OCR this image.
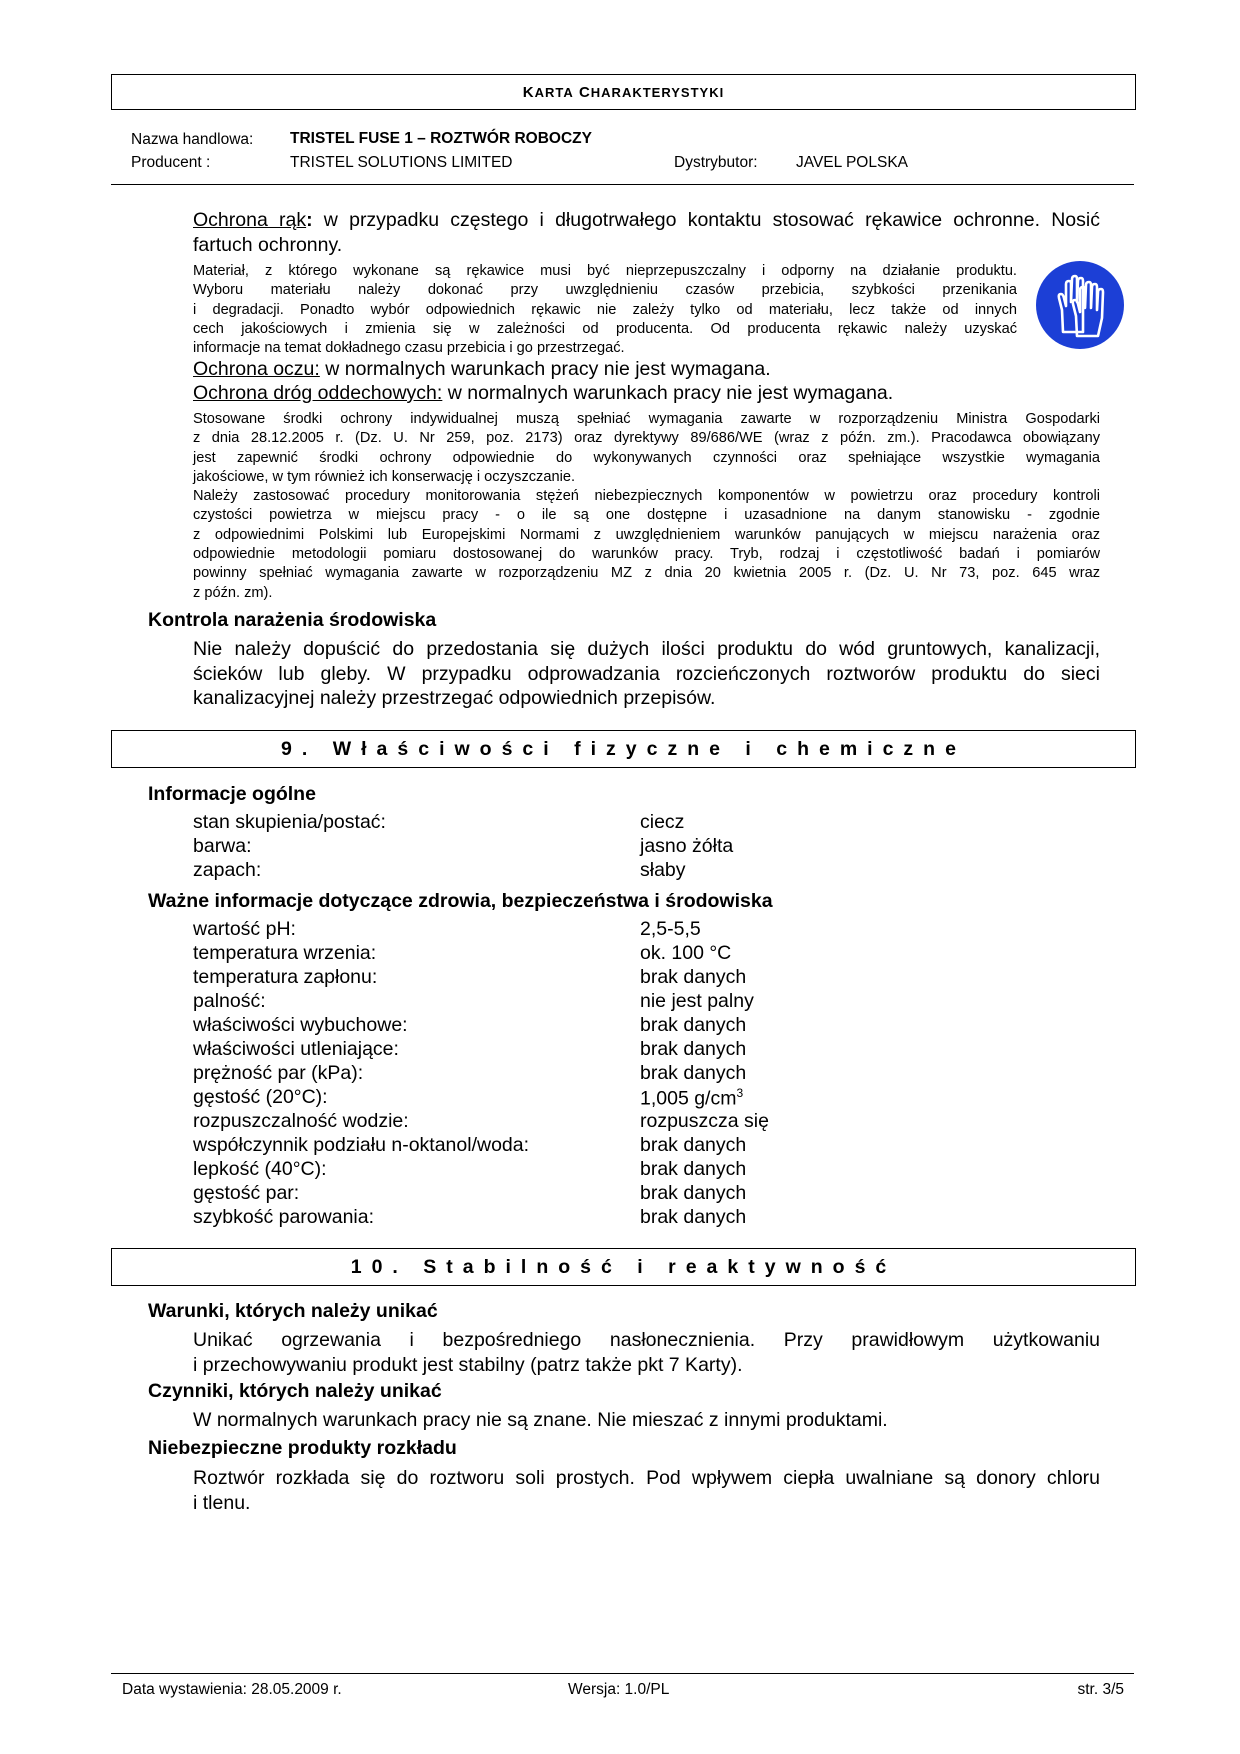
K ARTA
C HARAKTERYSTYKI
Nazwa handlowa: TRISTEL FUSE 1 – ROZTWÓR ROBOCZY
Producent :	TRISTEL SOLUTIONS LIMITED	Dystrybutor: JAVEL POLSKA
Ochrona rąk: w przypadku częstego i długotrwałego kontaktu stosować rękawice ochronne. Nosić fartuch ochronny.
Materiał, z którego wykonane są rękawice musi być nieprzepuszczalny i odporny na działanie produktu.
Wyboru materiału należy dokonać przy uwzględnieniu czasów przebicia, szybkości przenikania
i degradacji. Ponadto wybór odpowiednich rękawic nie zależy tylko od materiału, lecz także od innych
cech jakościowych i zmienia się w zależności od producenta. Od producenta rękawic należy uzyskać
informacje na temat dokładnego czasu przebicia i go przestrzegać.
Ochrona oczu: w normalnych warunkach pracy nie jest wymagana.
Ochrona dróg oddechowych: w normalnych warunkach pracy nie jest wymagana.
Stosowane środki ochrony indywidualnej muszą spełniać wymagania zawarte w rozporządzeniu Ministra Gospodarki
z dnia 28.12.2005 r. (Dz. U. Nr 259, poz. 2173) oraz dyrektywy 89/686/WE (wraz z późn. zm.). Pracodawca obowiązany
jest zapewnić środki ochrony odpowiednie do wykonywanych czynności oraz spełniające wszystkie wymagania
jakościowe, w tym również ich konserwację i oczyszczanie.
Należy zastosować procedury monitorowania stężeń niebezpiecznych komponentów w powietrzu oraz procedury kontroli
czystości powietrza w miejscu pracy - o ile są one dostępne i uzasadnione na danym stanowisku - zgodnie
z odpowiednimi Polskimi lub Europejskimi Normami z uwzględnieniem warunków panujących w miejscu narażenia oraz
odpowiednie metodologii pomiaru dostosowanej do warunków pracy. Tryb, rodzaj i częstotliwość badań i pomiarów
powinny spełniać wymagania zawarte w rozporządzeniu MZ z dnia 20 kwietnia 2005 r. (Dz. U. Nr 73, poz. 645 wraz
z późn. zm).
Kontrola narażenia środowiska
Nie należy dopuścić do przedostania się dużych ilości produktu do wód gruntowych, kanalizacji,
ścieków lub gleby. W przypadku odprowadzania rozcieńczonych roztworów produktu do sieci
kanalizacyjnej należy przestrzegać odpowiednich przepisów.
9. Właściwości fizyczne i chemiczne
Informacje ogólne
stan skupienia/postać:	ciecz
barwa:	jasno żółta
zapach:	słaby
Ważne informacje dotyczące zdrowia, bezpieczeństwa i środowiska
wartość pH:	2,5-5,5
temperatura wrzenia:	ok. 100 °C
temperatura zapłonu:	brak danych
palność:	nie jest palny
właściwości wybuchowe:	brak danych
właściwości utleniające:	brak danych
prężność par (kPa):	brak danych
gęstość (20°C):	1,005 $g/cm^3$
rozpuszczalność wodzie:	rozpuszcza się
współczynnik podziału n-oktanol/woda:	brak danych
lepkość (40°C):	brak danych
gęstość par:	brak danych
szybkość parowania:	brak danych
10. Stabilność i reaktywność
Warunki, których należy unikać
Unikać ogrzewania i bezpośredniego nasłonecznienia. Przy prawidłowym użytkowaniu
i przechowywaniu produkt jest stabilny (patrz także pkt 7 Karty).
Czynniki, których należy unikać
W normalnych warunkach pracy nie są znane. Nie mieszać z innymi produktami.
Niebezpieczne produkty rozkładu
Roztwór rozkłada się do roztworu soli prostych. Pod wpływem ciepła uwalniane są donory chloru
i tlenu.
Data wystawienia: 28.05.2009 r.	Wersja: 1.0/PL	str. 3/5
